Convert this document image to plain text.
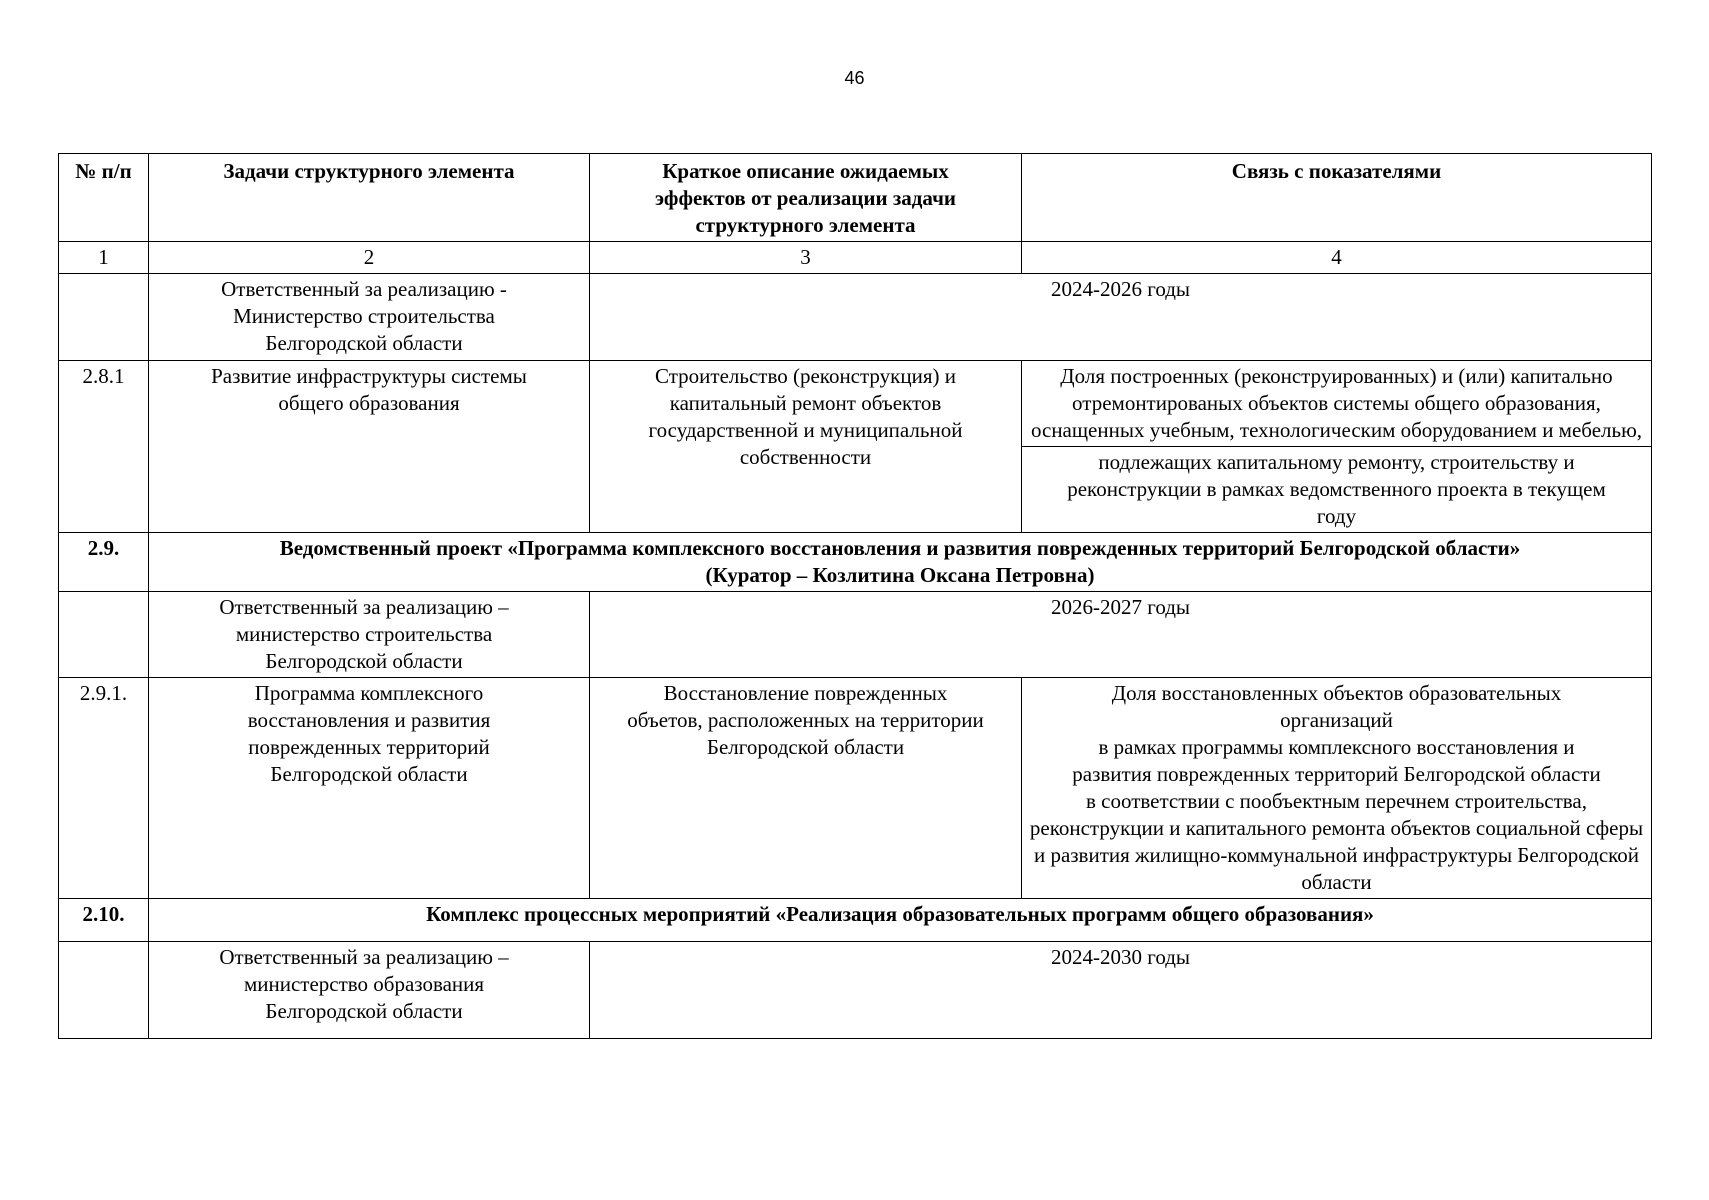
46
№ п/п	Задачи структурного элемента	Краткое описание ожидаемых эффектов от реализации задачи структурного элемента	Связь с показателями
1	2	3	4
	Ответственный за реализацию - Министерство строительства Белгородской области	2024-2026 годы	
2.8.1	Развитие инфраструктуры системы общего образования	Строительство (реконструкция) и капитальный ремонт объектов государственной и муниципальной собственности	Доля построенных (реконструированных) и (или) капитально отремонтированых объектов системы общего образования, оснащенных учебным, технологическим оборудованием и мебелью,
			подлежащих капитальному ремонту, строительству и реконструкции в рамках ведомственного проекта в текущем году
2.9.	Ведомственный проект «Программа комплексного восстановления и развития поврежденных территорий Белгородской области»
(Куратор – Козлитина Оксана Петровна)		

	Ответственный за реализацию – министерство строительства Белгородской области	2026-2027 годы	
2.9.1.	Программа комплексного восстановления и развития поврежденных территорий Белгородской области	Восстановление поврежденных объетов, расположенных на территории Белгородской области	Доля восстановленных объектов образовательных организаций
в рамках программы комплексного восстановления и развития поврежденных территорий Белгородской области
в соответствии с пообъектным перечнем строительства, реконструкции и капитального ремонта объектов социальной сферы и развития жилищно-коммунальной инфраструктуры Белгородской области

2.10.	Комплекс процессных мероприятий «Реализация образовательных программ общего образования»		
	Ответственный за реализацию – министерство образования Белгородской области	2024-2030 годы	
